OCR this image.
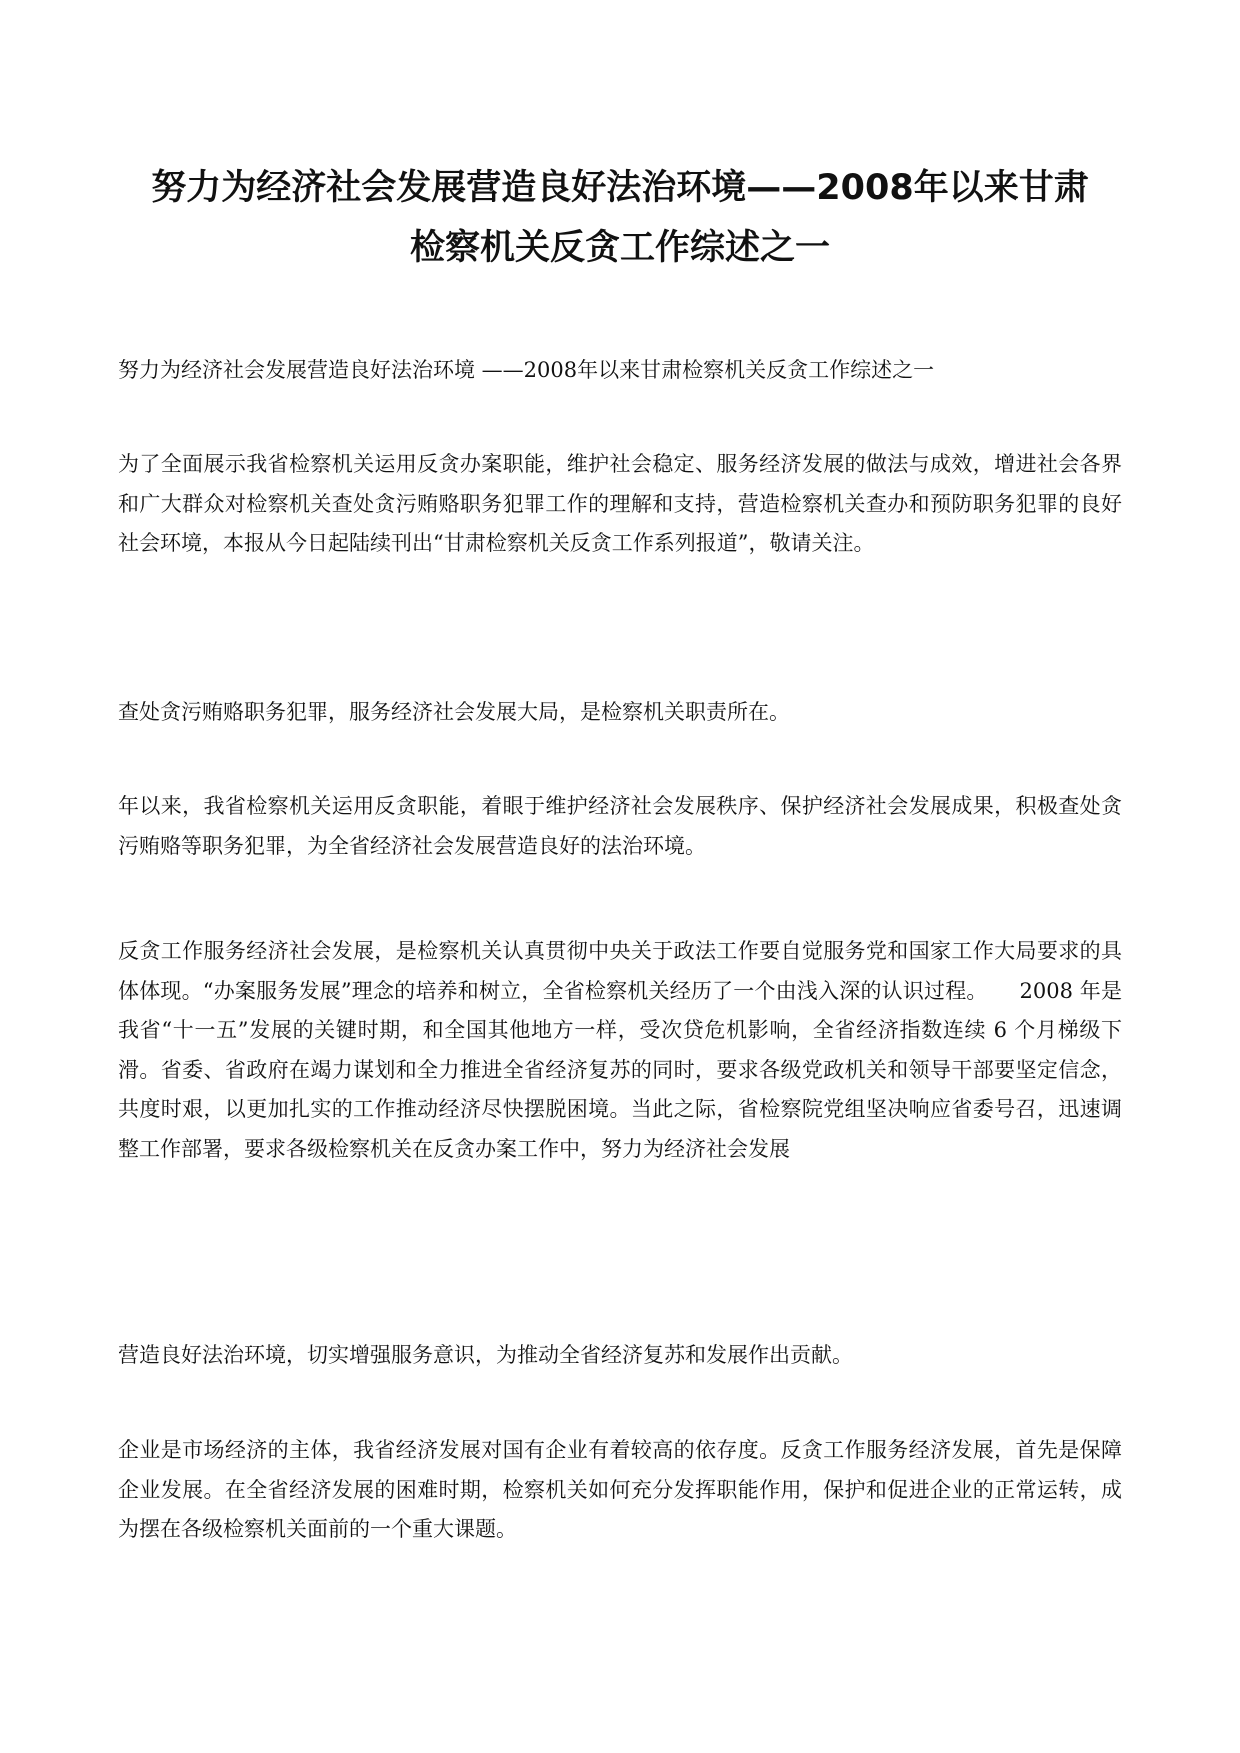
努力为经济社会发展营造良好法治环境——2008年以来甘肃
检察机关反贪工作综述之一

努力为经济社会发展营造良好法治环境 ——2008年以来甘肃检察机关反贪工作综述之一

为了全面展示我省检察机关运用反贪办案职能，维护社会稳定、服务经济发展的做法与成效，增进社会各界和广大群众对检察机关查处贪污贿赂职务犯罪工作的理解和支持，营造检察机关查办和预防职务犯罪的良好社会环境，本报从今日起陆续刊出“甘肃检察机关反贪工作系列报道”，敬请关注。

查处贪污贿赂职务犯罪，服务经济社会发展大局，是检察机关职责所在。

年以来，我省检察机关运用反贪职能，着眼于维护经济社会发展秩序、保护经济社会发展成果，积极查处贪污贿赂等职务犯罪，为全省经济社会发展营造良好的法治环境。

反贪工作服务经济社会发展，是检察机关认真贯彻中央关于政法工作要自觉服务党和国家工作大局要求的具体体现。“办案服务发展”理念的培养和树立，全省检察机关经历了一个由浅入深的认识过程。　　2008 年是我省“十一五”发展的关键时期，和全国其他地方一样，受次贷危机影响，全省经济指数连续 6 个月梯级下滑。省委、省政府在竭力谋划和全力推进全省经济复苏的同时，要求各级党政机关和领导干部要坚定信念，共度时艰，以更加扎实的工作推动经济尽快摆脱困境。当此之际，省检察院党组坚决响应省委号召，迅速调整工作部署，要求各级检察机关在反贪办案工作中，努力为经济社会发展

营造良好法治环境，切实增强服务意识，为推动全省经济复苏和发展作出贡献。

企业是市场经济的主体，我省经济发展对国有企业有着较高的依存度。反贪工作服务经济发展，首先是保障企业发展。在全省经济发展的困难时期，检察机关如何充分发挥职能作用，保护和促进企业的正常运转，成为摆在各级检察机关面前的一个重大课题。
